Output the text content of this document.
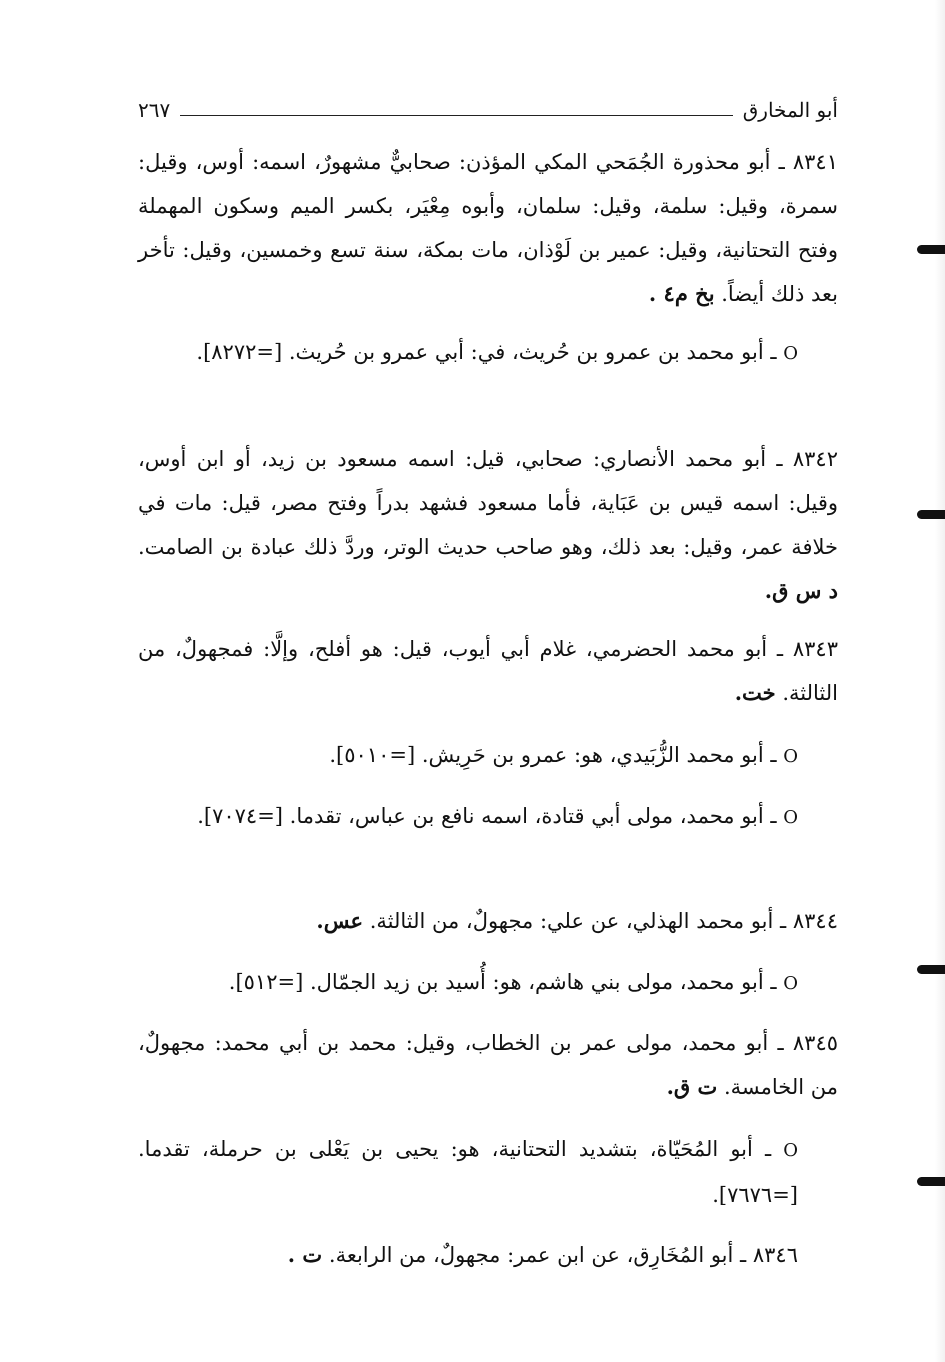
أبو المخارق
٢٦٧
٨٣٤١ ـ أبو محذورة الجُمَحي المكي المؤذن: صحابيٌّ مشهورٌ، اسمه: أوس، وقيل: سمرة، وقيل: سلمة، وقيل: سلمان، وأبوه مِعْيَر، بكسر الميم وسكون المهملة وفتح التحتانية، وقيل: عمير بن لَوْذان، مات بمكة، سنة تسع وخمسين، وقيل: تأخر بعد ذلك أيضاً. بخ م٤ .
O ـ أبو محمد بن عمرو بن حُريث، في: أبي عمرو بن حُريث. [=٨٢٧٢].
٨٣٤٢ ـ أبو محمد الأنصاري: صحابي، قيل: اسمه مسعود بن زيد، أو ابن أوس، وقيل: اسمه قيس بن عَبَاية، فأما مسعود فشهد بدراً وفتح مصر، قيل: مات في خلافة عمر، وقيل: بعد ذلك، وهو صاحب حديث الوتر، وردَّ ذلك عبادة بن الصامت. د س ق.
٨٣٤٣ ـ أبو محمد الحضرمي، غلام أبي أيوب، قيل: هو أفلح، وإلَّا: فمجهولٌ، من الثالثة. خت.
O ـ أبو محمد الزُّبَيدي، هو: عمرو بن حَرِيش. [=٥٠١٠].
O ـ أبو محمد، مولى أبي قتادة، اسمه نافع بن عباس، تقدما. [=٧٠٧٤].
٨٣٤٤ ـ أبو محمد الهذلي، عن علي: مجهولٌ، من الثالثة. عس.
O ـ أبو محمد، مولى بني هاشم، هو: أُسيد بن زيد الجمّال. [=٥١٢].
٨٣٤٥ ـ أبو محمد، مولى عمر بن الخطاب، وقيل: محمد بن أبي محمد: مجهولٌ، من الخامسة. ت ق.
O ـ أبو المُحَيّاة، بتشديد التحتانية، هو: يحيى بن يَعْلى بن حرملة، تقدما. [=٧٦٧٦].
٨٣٤٦ ـ أبو المُخَارِق، عن ابن عمر: مجهولٌ، من الرابعة. ت .
